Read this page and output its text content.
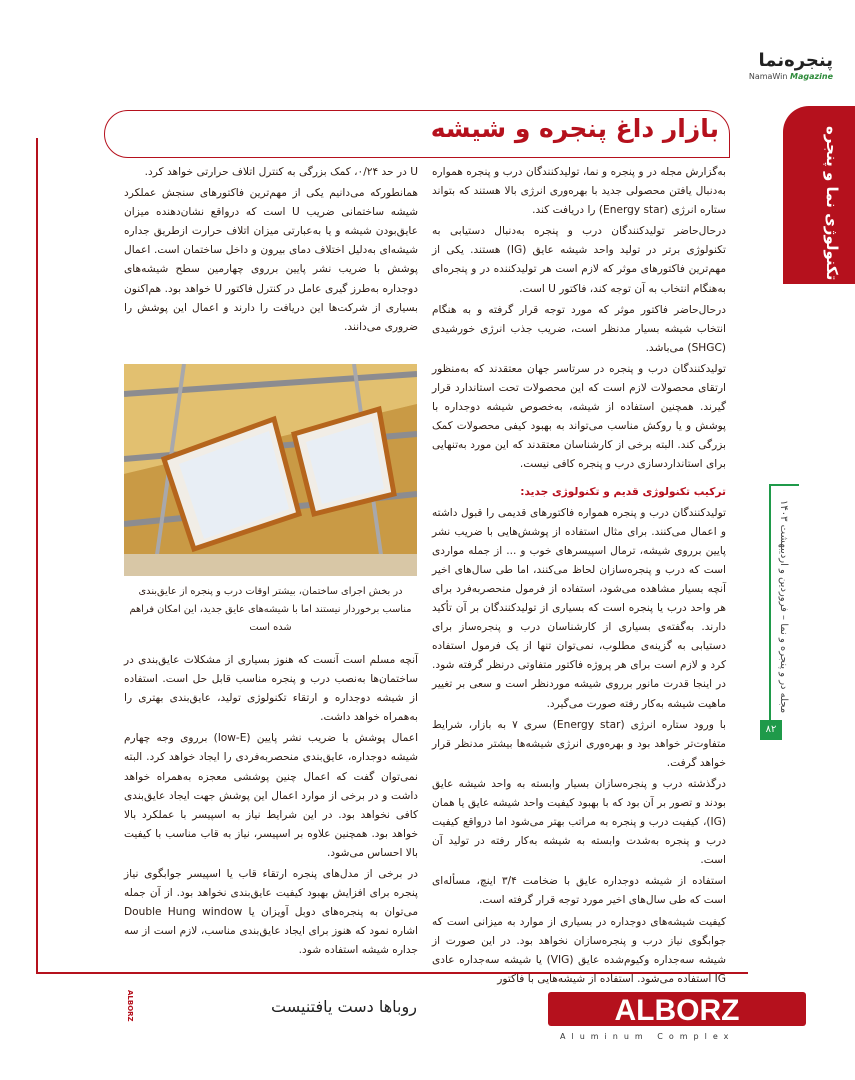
پنجره‌نما
NamaWin Magazine
تکنولوژی نما و پنجره
بازار داغ پنجره و شیشه

به‌گزارش مجله در و پنجره و نما، تولیدکنندگان درب و پنجره همواره به‌دنبال یافتن محصولی جدید با بهره‌وری انرژی بالا هستند که بتواند ستاره انرژی (Energy star) را دریافت کند.

درحال‌حاضر تولیدکنندگان درب و پنجره به‌دنبال دستیابی به تکنولوژی برتر در تولید واحد شیشه عایق (IG) هستند. یکی از مهم‌ترین فاکتورهای موثر که لازم است هر تولیدکننده در و پنجره‌ای به‌هنگام انتخاب به آن توجه کند، فاکتور U است.

درحال‌حاضر فاکتور موثر که مورد توجه قرار گرفته و به هنگام انتخاب شیشه بسیار مدنظر است، ضریب جذب انرژی خورشیدی (SHGC) می‌باشد.

تولیدکنندگان درب و پنجره در سرتاسر جهان معتقدند که به‌منظور ارتقای محصولات لازم است که این محصولات تحت استاندارد قرار گیرند. همچنین استفاده از شیشه، به‌خصوص شیشه دوجداره با پوشش و یا روکش مناسب می‌تواند به بهبود کیفی محصولات کمک بزرگی کند. البته برخی از کارشناسان معتقدند که این مورد به‌تنهایی برای استانداردسازی درب و پنجره کافی نیست.

ترکیب تکنولوژی قدیم و تکنولوژی جدید:

تولیدکنندگان درب و پنجره همواره فاکتورهای قدیمی را قبول داشته و اعمال می‌کنند. برای مثال استفاده از پوشش‌هایی با ضریب نشر پایین برروی شیشه، ترمال اسپیسرهای خوب و ... از جمله مواردی است که درب و پنجره‌سازان لحاظ می‌کنند، اما طی سال‌های اخیر آنچه بسیار مشاهده می‌شود، استفاده از فرمول منحصربه‌فرد برای هر واحد درب یا پنجره است که بسیاری از تولیدکنندگان بر آن تأکید دارند. به‌گفته‌ی بسیاری از کارشناسان درب و پنجره‌ساز برای دستیابی به گزینه‌ی مطلوب، نمی‌توان تنها از یک فرمول استفاده کرد و لازم است برای هر پروژه فاکتور متفاوتی درنظر گرفته شود. در اینجا قدرت مانور برروی شیشه مورد‌نظر است و سعی بر تغییر ماهیت شیشه به‌کار رفته صورت می‌گیرد.

با ورود ستاره انرژی (Energy star) سری ۷ به بازار، شرایط متفاوت‌تر خواهد بود و بهره‌وری انرژی شیشه‌ها بیشتر مدنظر قرار خواهد گرفت.

درگذشته درب و پنجره‌سازان بسیار وابسته به واحد شیشه عایق بودند و تصور بر آن بود که با بهبود کیفیت واحد شیشه عایق یا همان (IG)، کیفیت درب و پنجره به مراتب بهتر می‌شود اما درواقع کیفیت درب و پنجره به‌شدت وابسته به شیشه به‌کار رفته در تولید آن است.

استفاده از شیشه دوجداره عایق با ضخامت ۳/۴ اینچ، مسأله‌ای است که طی سال‌های اخیر مورد توجه قرار گرفته است.

کیفیت شیشه‌های دوجداره در بسیاری از موارد به میزانی است که جوابگوی نیاز درب و پنجره‌سازان نخواهد بود. در این صورت از شیشه سه‌جداره وکیوم‌شده عایق (VIG) یا شیشه سه‌جداره عادی IG استفاده می‌شود. استفاده از شیشه‌هایی با فاکتور

U در حد ۰/۲۴، کمک بزرگی به کنترل اتلاف حرارتی خواهد کرد.

همانطورکه می‌دانیم یکی از مهم‌ترین فاکتورهای سنجش عملکرد شیشه ساختمانی ضریب U است که درواقع نشان‌دهنده میزان عایق‌بودن شیشه و یا به‌عبارتی میزان اتلاف حرارت از‌طریق جداره شیشه‌ای به‌دلیل اختلاف دمای بیرون و داخل ساختمان است. اعمال پوشش با ضریب نشر پایین برروی چهارمین سطح شیشه‌های دوجداره به‌طرز گیری عامل در کنترل فاکتور U خواهد بود. هم‌اکنون بسیاری از شرکت‌ها این دریافت را دارند و اعمال این پوشش را ضروری می‌دانند.

در بخش اجرای ساختمان، بیشتر اوقات درب و پنجره از عایق‌بندی مناسب برخوردار نیستند اما با شیشه‌های عایق جدید، این امکان فراهم شده است

آنچه مسلم است آنست که هنوز بسیاری از مشکلات عایق‌بندی در ساختمان‌ها به‌نصب درب و پنجره مناسب قابل حل است. استفاده از شیشه دوجداره و ارتقاء تکنولوژی تولید، عایق‌بندی بهتری را به‌همراه خواهد داشت.

اعمال پوشش با ضریب نشر پایین (low-E) برروی وجه چهارم شیشه دوجداره، عایق‌بندی منحصربه‌فردی را ایجاد خواهد کرد. البته نمی‌توان گفت که اعمال چنین پوششی معجزه به‌همراه خواهد داشت و در برخی از موارد اعمال این پوشش جهت ایجاد عایق‌بندی کافی نخواهد بود. در این شرایط نیاز به اسپیسر با عملکرد بالا خواهد بود. همچنین علاوه بر اسپیسر، نیاز به قاب مناسب با کیفیت بالا احساس می‌شود.

در برخی از مدل‌های پنجره ارتقاء قاب یا اسپیسر جوابگوی نیاز پنجره برای افزایش بهبود کیفیت عایق‌بندی نخواهد بود. از آن جمله می‌توان به پنجره‌های دوبل آویزان یا Double Hung window اشاره نمود که هنوز برای ایجاد عایق‌بندی مناسب، لازم است از سه جداره شیشه استفاده شود.

مجله در و پنجره و نما – فروردین و اردیبهشت ۱۴۰۳
۸۲
روباها دست یافتنیست
ALBORZ	ALBORZ
Aluminum Complex
